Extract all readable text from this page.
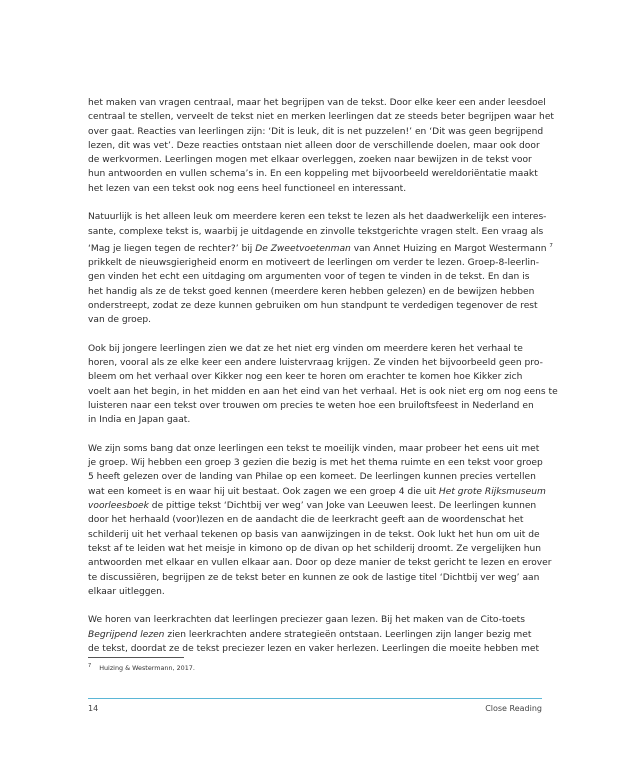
het maken van vragen centraal, maar het begrijpen van de tekst. Door elke keer een ander leesdoel
centraal te stellen, verveelt de tekst niet en merken leerlingen dat ze steeds beter begrijpen waar het
over gaat. Reacties van leerlingen zijn: ‘Dit is leuk, dit is net puzzelen!’ en ‘Dit was geen begrijpend
lezen, dit was vet’. Deze reacties ontstaan niet alleen door de verschillende doelen, maar ook door
de werkvormen. Leerlingen mogen met elkaar overleggen, zoeken naar bewijzen in de tekst voor
hun antwoorden en vullen schema’s in. En een koppeling met bijvoorbeeld wereldoriëntatie maakt
het lezen van een tekst ook nog eens heel functioneel en interessant.

Natuurlijk is het alleen leuk om meerdere keren een tekst te lezen als het daadwerkelijk een interes-
sante, complexe tekst is, waarbij je uitdagende en zinvolle tekstgerichte vragen stelt. Een vraag als
‘Mag je liegen tegen de rechter?’ bij De Zweetvoetenman van Annet Huizing en Margot Westermann $^7$
prikkelt de nieuwsgierigheid enorm en motiveert de leerlingen om verder te lezen. Groep-8-leerlin-
gen vinden het echt een uitdaging om argumenten voor of tegen te vinden in de tekst. En dan is
het handig als ze de tekst goed kennen (meerdere keren hebben gelezen) en de bewijzen hebben
onderstreept, zodat ze deze kunnen gebruiken om hun standpunt te verdedigen tegenover de rest
van de groep.

Ook bij jongere leerlingen zien we dat ze het niet erg vinden om meerdere keren het verhaal te
horen, vooral als ze elke keer een andere luistervraag krijgen. Ze vinden het bijvoorbeeld geen pro-
bleem om het verhaal over Kikker nog een keer te horen om erachter te komen hoe Kikker zich
voelt aan het begin, in het midden en aan het eind van het verhaal. Het is ook niet erg om nog eens te
luisteren naar een tekst over trouwen om precies te weten hoe een bruiloftsfeest in Nederland en
in India en Japan gaat.

We zijn soms bang dat onze leerlingen een tekst te moeilijk vinden, maar probeer het eens uit met
je groep. Wij hebben een groep 3 gezien die bezig is met het thema ruimte en een tekst voor groep
5 heeft gelezen over de landing van Philae op een komeet. De leerlingen kunnen precies vertellen
wat een komeet is en waar hij uit bestaat. Ook zagen we een groep 4 die uit Het grote Rijksmuseum
voorleesboek de pittige tekst ‘Dichtbij ver weg’ van Joke van Leeuwen leest. De leerlingen kunnen
door het herhaald (voor)lezen en de aandacht die de leerkracht geeft aan de woordenschat het
schilderij uit het verhaal tekenen op basis van aanwijzingen in de tekst. Ook lukt het hun om uit de
tekst af te leiden wat het meisje in kimono op de divan op het schilderij droomt. Ze vergelijken hun
antwoorden met elkaar en vullen elkaar aan. Door op deze manier de tekst gericht te lezen en erover
te discussiëren, begrijpen ze de tekst beter en kunnen ze ook de lastige titel ‘Dichtbij ver weg’ aan
elkaar uitleggen.

We horen van leerkrachten dat leerlingen preciezer gaan lezen. Bij het maken van de Cito-toets
Begrijpend lezen zien leerkrachten andere strategieën ontstaan. Leerlingen zijn langer bezig met
de tekst, doordat ze de tekst preciezer lezen en vaker herlezen. Leerlingen die moeite hebben met

$^7$ Huizing & Westermann, 2017.
14	Close Reading
